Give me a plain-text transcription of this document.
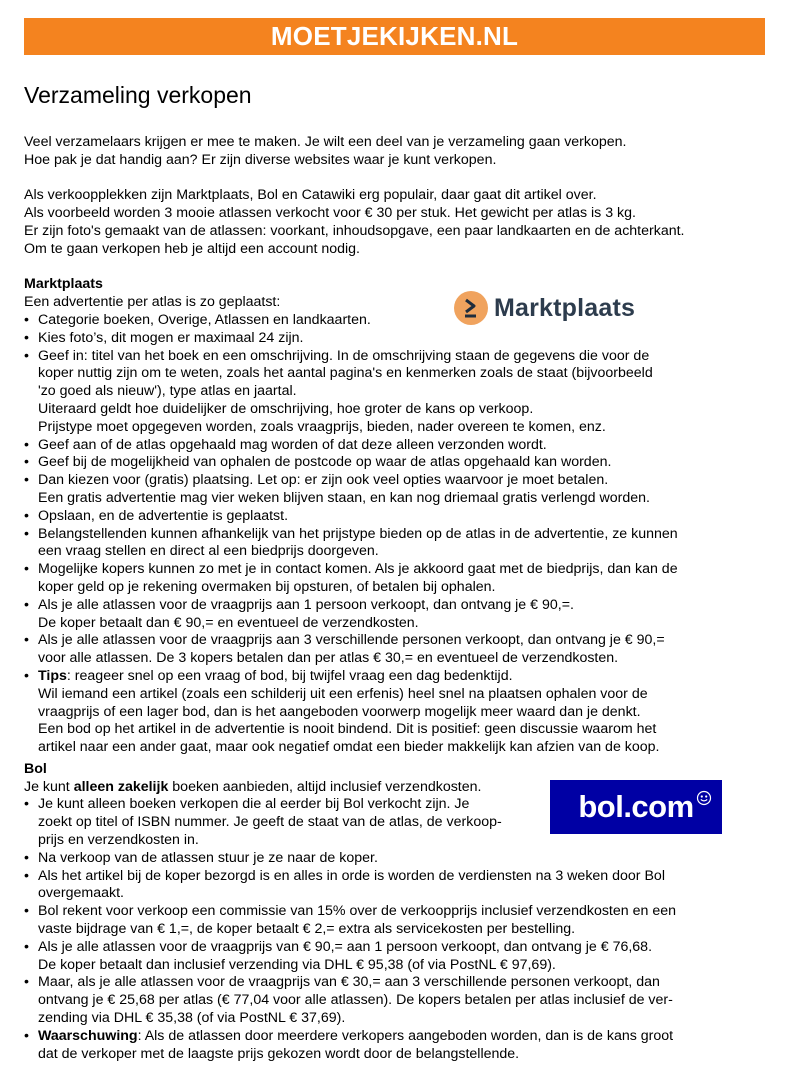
MOETJEKIJKEN.NL
Verzameling verkopen
Marktplaats
bol.com

Veel verzamelaars krijgen er mee te maken. Je wilt een deel van je verzameling gaan verkopen.
Hoe pak je dat handig aan? Er zijn diverse websites waar je kunt verkopen.

Als verkoopplekken zijn Marktplaats, Bol en Catawiki erg populair, daar gaat dit artikel over.
Als voorbeeld worden 3 mooie atlassen verkocht voor € 30 per stuk. Het gewicht per atlas is 3 kg.
Er zijn foto's gemaakt van de atlassen: voorkant, inhoudsopgave, een paar landkaarten en de achterkant.
Om te gaan verkopen heb je altijd een account nodig.

Marktplaats

Een advertentie per atlas is zo geplaatst:

• Categorie boeken, Overige, Atlassen en landkaarten.
• Kies foto’s, dit mogen er maximaal 24 zijn.
• Geef in: titel van het boek en een omschrijving. In de omschrijving staan de gegevens die voor de
koper nuttig zijn om te weten, zoals het aantal pagina's en kenmerken zoals de staat (bijvoorbeeld
'zo goed als nieuw'), type atlas en jaartal.
Uiteraard geldt hoe duidelijker de omschrijving, hoe groter de kans op verkoop.
Prijstype moet opgegeven worden, zoals vraagprijs, bieden, nader overeen te komen, enz.
• Geef aan of de atlas opgehaald mag worden of dat deze alleen verzonden wordt.
• Geef bij de mogelijkheid van ophalen de postcode op waar de atlas opgehaald kan worden.
• Dan kiezen voor (gratis) plaatsing. Let op: er zijn ook veel opties waarvoor je moet betalen.
Een gratis advertentie mag vier weken blijven staan, en kan nog driemaal gratis verlengd worden.
• Opslaan, en de advertentie is geplaatst.
• Belangstellenden kunnen afhankelijk van het prijstype bieden op de atlas in de advertentie, ze kunnen
een vraag stellen en direct al een biedprijs doorgeven.
• Mogelijke kopers kunnen zo met je in contact komen. Als je akkoord gaat met de biedprijs, dan kan de
koper geld op je rekening overmaken bij opsturen, of betalen bij ophalen.
• Als je alle atlassen voor de vraagprijs aan 1 persoon verkoopt, dan ontvang je € 90,=.
De koper betaalt dan € 90,= en eventueel de verzendkosten.
• Als je alle atlassen voor de vraagprijs aan 3 verschillende personen verkoopt, dan ontvang je € 90,=
voor alle atlassen. De 3 kopers betalen dan per atlas € 30,= en eventueel de verzendkosten.
• Tips: reageer snel op een vraag of bod, bij twijfel vraag een dag bedenktijd.
Wil iemand een artikel (zoals een schilderij uit een erfenis) heel snel na plaatsen ophalen voor de
vraagprijs of een lager bod, dan is het aangeboden voorwerp mogelijk meer waard dan je denkt.
Een bod op het artikel in de advertentie is nooit bindend. Dit is positief: geen discussie waarom het
artikel naar een ander gaat, maar ook negatief omdat een bieder makkelijk kan afzien van de koop.

Bol

Je kunt alleen zakelijk boeken aanbieden, altijd inclusief verzendkosten.

• Je kunt alleen boeken verkopen die al eerder bij Bol verkocht zijn. Je
zoekt op titel of ISBN nummer. Je geeft de staat van de atlas, de verkoop-
prijs en verzendkosten in.
• Na verkoop van de atlassen stuur je ze naar de koper.
• Als het artikel bij de koper bezorgd is en alles in orde is worden de verdiensten na 3 weken door Bol
overgemaakt.
• Bol rekent voor verkoop een commissie van 15% over de verkoopprijs inclusief verzendkosten en een
vaste bijdrage van € 1,=, de koper betaalt € 2,= extra als servicekosten per bestelling.
• Als je alle atlassen voor de vraagprijs van € 90,= aan 1 persoon verkoopt, dan ontvang je € 76,68.
De koper betaalt dan inclusief verzending via DHL € 95,38 (of via PostNL € 97,69).
• Maar, als je alle atlassen voor de vraagprijs van € 30,= aan 3 verschillende personen verkoopt, dan
ontvang je € 25,68 per atlas (€ 77,04 voor alle atlassen). De kopers betalen per atlas inclusief de ver-
zending via DHL € 35,38 (of via PostNL € 37,69).
• Waarschuwing: Als de atlassen door meerdere verkopers aangeboden worden, dan is de kans groot
dat de verkoper met de laagste prijs gekozen wordt door de belangstellende.
